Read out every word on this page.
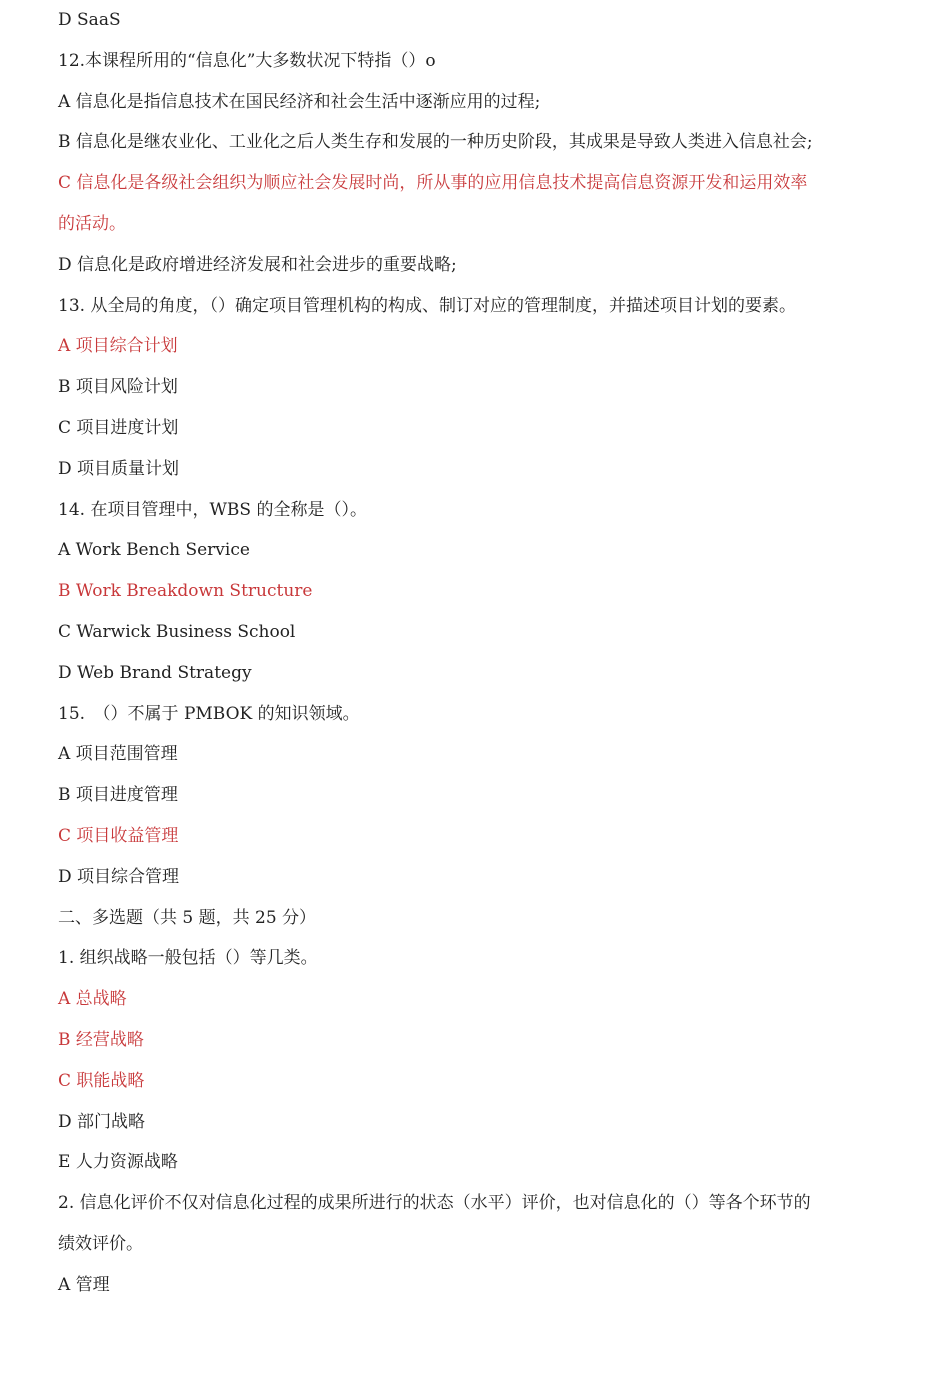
D SaaS
12.本课程所用的“信息化”大多数状况下特指（）o
A 信息化是指信息技术在国民经济和社会生活中逐渐应用的过程;
B 信息化是继农业化、工业化之后人类生存和发展的一种历史阶段，其成果是导致人类进入信息社会;
C 信息化是各级社会组织为顺应社会发展时尚，所从事的应用信息技术提高信息资源开发和运用效率
的活动。
D 信息化是政府增进经济发展和社会进步的重要战略;
13. 从全局的角度，（）确定项目管理机构的构成、制订对应的管理制度，并描述项目计划的要素。
A 项目综合计划
B 项目风险计划
C 项目进度计划
D 项目质量计划
14. 在项目管理中，WBS 的全称是（）。
A Work Bench Service
B Work Breakdown Structure
C Warwick Business School
D Web Brand Strategy
15.　（）不属于 PMBOK 的知识领域。
A 项目范围管理
B 项目进度管理
C 项目收益管理
D 项目综合管理
二、多选题（共 5 题，共 25 分）
1. 组织战略一般包括（）等几类。
A 总战略
B 经营战略
C 职能战略
D 部门战略
E 人力资源战略
2. 信息化评价不仅对信息化过程的成果所进行的状态（水平）评价，也对信息化的（）等各个环节的
绩效评价。
A 管理
